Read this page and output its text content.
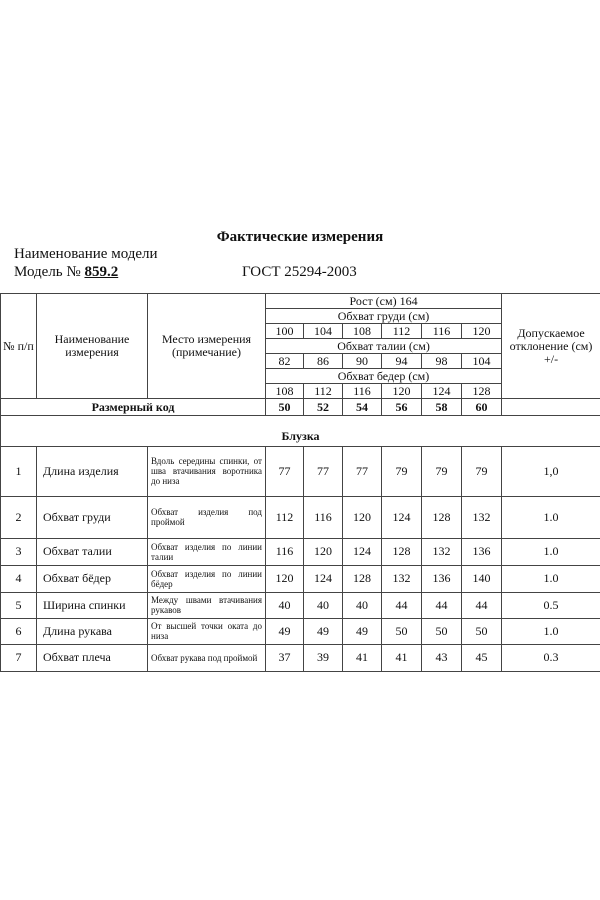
Фактические измерения
Наименование модели
Модель № 859.2	ГОСТ 25294-2003
№ п/п	Наименование измерения	Место измерения (примечание)	Рост (см) 164						Допускаемое отклонение (см) +/-
			Обхват груди (см)						
			100	104	108	112	116	120	
			Обхват талии (см)						
			82	86	90	94	98	104	
			Обхват бедер (см)						
			108	112	116	120	124	128	
Размерный код			50	52	54	56	58	60	

Блузка									
1	Длина изделия	Вдоль середины спинки, от шва втачивания воротника до низа	77	77	77	79	79	79	1,0
2	Обхват груди	Обхват изделия под проймой	112	116	120	124	128	132	1.0
3	Обхват талии	Обхват изделия по линии талии	116	120	124	128	132	136	1.0
4	Обхват бёдер	Обхват изделия по линии бёдер	120	124	128	132	136	140	1.0
5	Ширина спинки	Между швами втачивания рукавов	40	40	40	44	44	44	0.5
6	Длина рукава	От высшей точки оката до низа	49	49	49	50	50	50	1.0
7	Обхват плеча	Обхват рукава под проймой	37	39	41	41	43	45	0.3
